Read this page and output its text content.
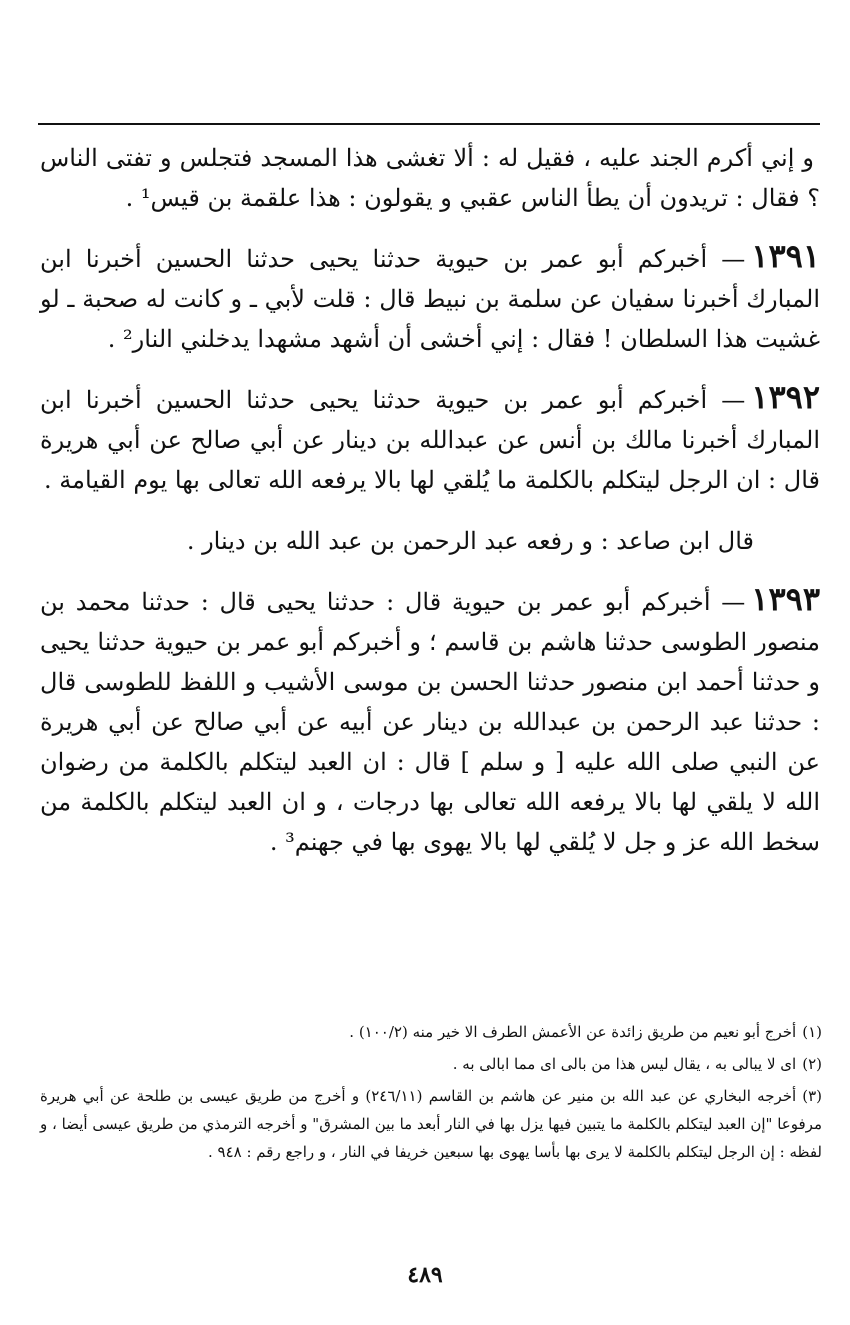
و إني أكرم الجند عليه ، فقيل له : ألا تغشى هذا المسجد فتجلس و تفتى الناس ؟ فقال : تريدون أن يطأ الناس عقبي و يقولون : هذا علقمة بن قيس¹ .

١٣٩١— أخبركم أبو عمر بن حيوية حدثنا يحيى حدثنا الحسين أخبرنا ابن المبارك أخبرنا سفيان عن سلمة بن نبيط قال : قلت لأبي ـ و كانت له صحبة ـ لو غشيت هذا السلطان ! فقال : إني أخشى أن أشهد مشهدا يدخلني النار² .

١٣٩٢— أخبركم أبو عمر بن حيوية حدثنا يحيى حدثنا الحسين أخبرنا ابن المبارك أخبرنا مالك بن أنس عن عبدالله بن دينار عن أبي صالح عن أبي هريرة قال : ان الرجل ليتكلم بالكلمة ما يُلقي لها بالا يرفعه الله تعالى بها يوم القيامة .

قال ابن صاعد : و رفعه عبد الرحمن بن عبد الله بن دينار .

١٣٩٣— أخبركم أبو عمر بن حيوية قال : حدثنا يحيى قال : حدثنا محمد بن منصور الطوسى حدثنا هاشم بن قاسم ؛ و أخبركم أبو عمر بن حيوية حدثنا يحيى و حدثنا أحمد ابن منصور حدثنا الحسن بن موسى الأشيب و اللفظ للطوسى قال : حدثنا عبد الرحمن بن عبدالله بن دينار عن أبيه عن أبي صالح عن أبي هريرة عن النبي صلى الله عليه [ و سلم ] قال : ان العبد ليتكلم بالكلمة من رضوان الله لا يلقي لها بالا يرفعه الله تعالى بها درجات ، و ان العبد ليتكلم بالكلمة من سخط الله عز و جل لا يُلقي لها بالا يهوى بها في جهنم³ .

(١)أخرج أبو نعيم من طريق زائدة عن الأعمش الطرف الا خير منه (١٠٠/٢) .

(٢)اى لا يبالى به ، يقال ليس هذا من بالى اى مما ابالى به .

(٣)أخرجه البخاري عن عبد الله بن منير عن هاشم بن القاسم (٢٤٦/١١) و أخرج من طريق عيسى بن طلحة عن أبي هريرة مرفوعا "إن العبد ليتكلم بالكلمة ما يتبين فيها يزل بها في النار أبعد ما بين المشرق" و أخرجه الترمذي من طريق عيسى أيضا ، و لفظه : إن الرجل ليتكلم بالكلمة لا يرى بها بأسا يهوى بها سبعين خريفا في النار ، و راجع رقم : ٩٤٨ .

٤٨٩
